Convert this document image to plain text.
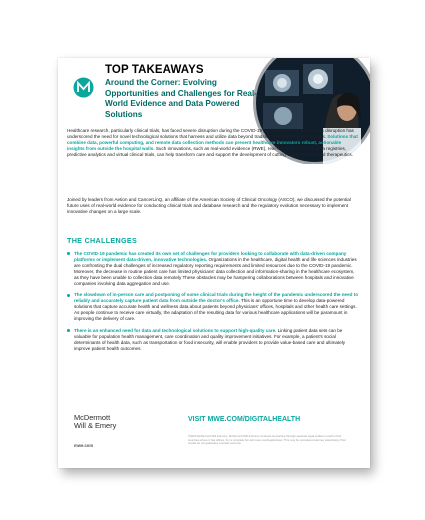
TOP TAKEAWAYS
Around the Corner: Evolving Opportunities and Challenges for Real-World Evidence and Data Powered Solutions
Healthcare research, particularly clinical trials, has faced severe disruption during the COVID-19 public health emergency. This disruption has underscored the need for novel technological solutions that harness and utilize data beyond traditional clinical research models. Solutions that combine data, powerful computing, and remote data collection methods can present healthcare innovators robust, actionable insights from outside the hospital walls. Such innovations, such as real-world evidence (RWE), real-world data (RWD), data registries, predictive analytics and virtual clinical trials, can help transform care and support the development of cutting-edge products and therapeutics.
Joined by leaders from Aetion and CancerLinQ, an affiliate of the American Society of Clinical Oncology (ASCO), we discussed the potential future uses of real-world evidence for conducting clinical trials and database research and the regulatory evolution necessary to implement innovative changes on a large scale.
THE CHALLENGES
The COVID-19 pandemic has created its own set of challenges for providers looking to collaborate with data-driven company platforms or implement data-driven, innovative technologies. Organizations in the healthcare, digital health and life sciences industries are confronting the dual challenges of increased regulatory reporting requirements and limited resources due to the COVID-19 pandemic. Moreover, the decrease in routine patient care has limited physicians' data collection and information-sharing in the healthcare ecosystem, as they have been unable to collection data remotely These obstacles may be hampering collaborations between hospitals and innovative companies involving data aggregation and use.
The slowdown of in-person care and postponing of some clinical trials during the height of the pandemic underscored the need to reliably and accurately capture patient data from outside the doctor's office. This is an opportune time to develop data-powered solutions that capture accurate health and wellness data about patients beyond physicians' offices, hospitals and other health care settings. As people continue to receive care virtually, the adaptation of the resulting data for various healthcare applications will be paramount in improving the delivery of care.
There is an enhanced need for data and technological solutions to support high-quality care. Linking patient data sets can be valuable for population health management, care coordination and quality improvement initiatives. For example, a patient's social determinants of health data, such as transportation or food insecurity, will enable providers to provide value-based care and ultimately improve patient health outcomes.
McDermott
Will & Emery
mwe.com
VISIT MWE.COM/DIGITALHEALTH
©2020 McDermott Will & Emery. McDermott Will & Emery conducts its practice through separate legal entities in each of the countries where it has offices. For a complete list visit mwe.com/legalnotices. This may be considered attorney advertising. Prior results do not guarantee a similar outcome.
